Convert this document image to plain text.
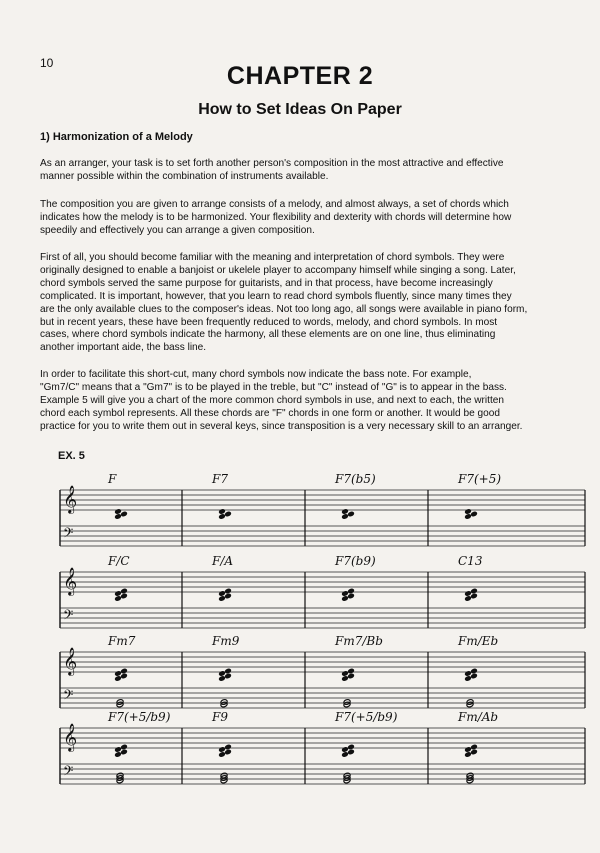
10	CHAPTER 2
How to Set Ideas On Paper
1) Harmonization of a Melody
As an arranger, your task is to set forth another person's composition in the most attractive and effective
manner possible within the combination of instruments available.
The composition you are given to arrange consists of a melody, and almost always, a set of chords which
indicates how the melody is to be harmonized. Your flexibility and dexterity with chords will determine how
speedily and effectively you can arrange a given composition.
First of all, you should become familiar with the meaning and interpretation of chord symbols. They were
originally designed to enable a banjoist or ukelele player to accompany himself while singing a song. Later,
chord symbols served the same purpose for guitarists, and in that process, have become increasingly
complicated. It is important, however, that you learn to read chord symbols fluently, since many times they
are the only available clues to the composer's ideas. Not too long ago, all songs were available in piano form,
but in recent years, these have been frequently reduced to words, melody, and chord symbols. In most
cases, where chord symbols indicate the harmony, all these elements are on one line, thus eliminating
another important aide, the bass line.
In order to facilitate this short-cut, many chord symbols now indicate the bass note. For example,
"Gm7/C" means that a "Gm7" is to be played in the treble, but "C" instead of "G" is to appear in the bass.
Example 5 will give you a chart of the more common chord symbols in use, and next to each, the written
chord each symbol represents. All these chords are "F" chords in one form or another. It would be good
practice for you to write them out in several keys, since transposition is a very necessary skill to an arranger.
EX. 5
𝄞
𝄢
F	F7	F7(b5)	F7(+5)
𝄞
𝄢
F/C	F/A	F7(b9)	C13
𝄞
𝄢
Fm7	Fm9	Fm7/Bb	Fm/Eb
𝄞
𝄢
F7(+5/b9)	F9	F7(+5/b9)	Fm/Ab
